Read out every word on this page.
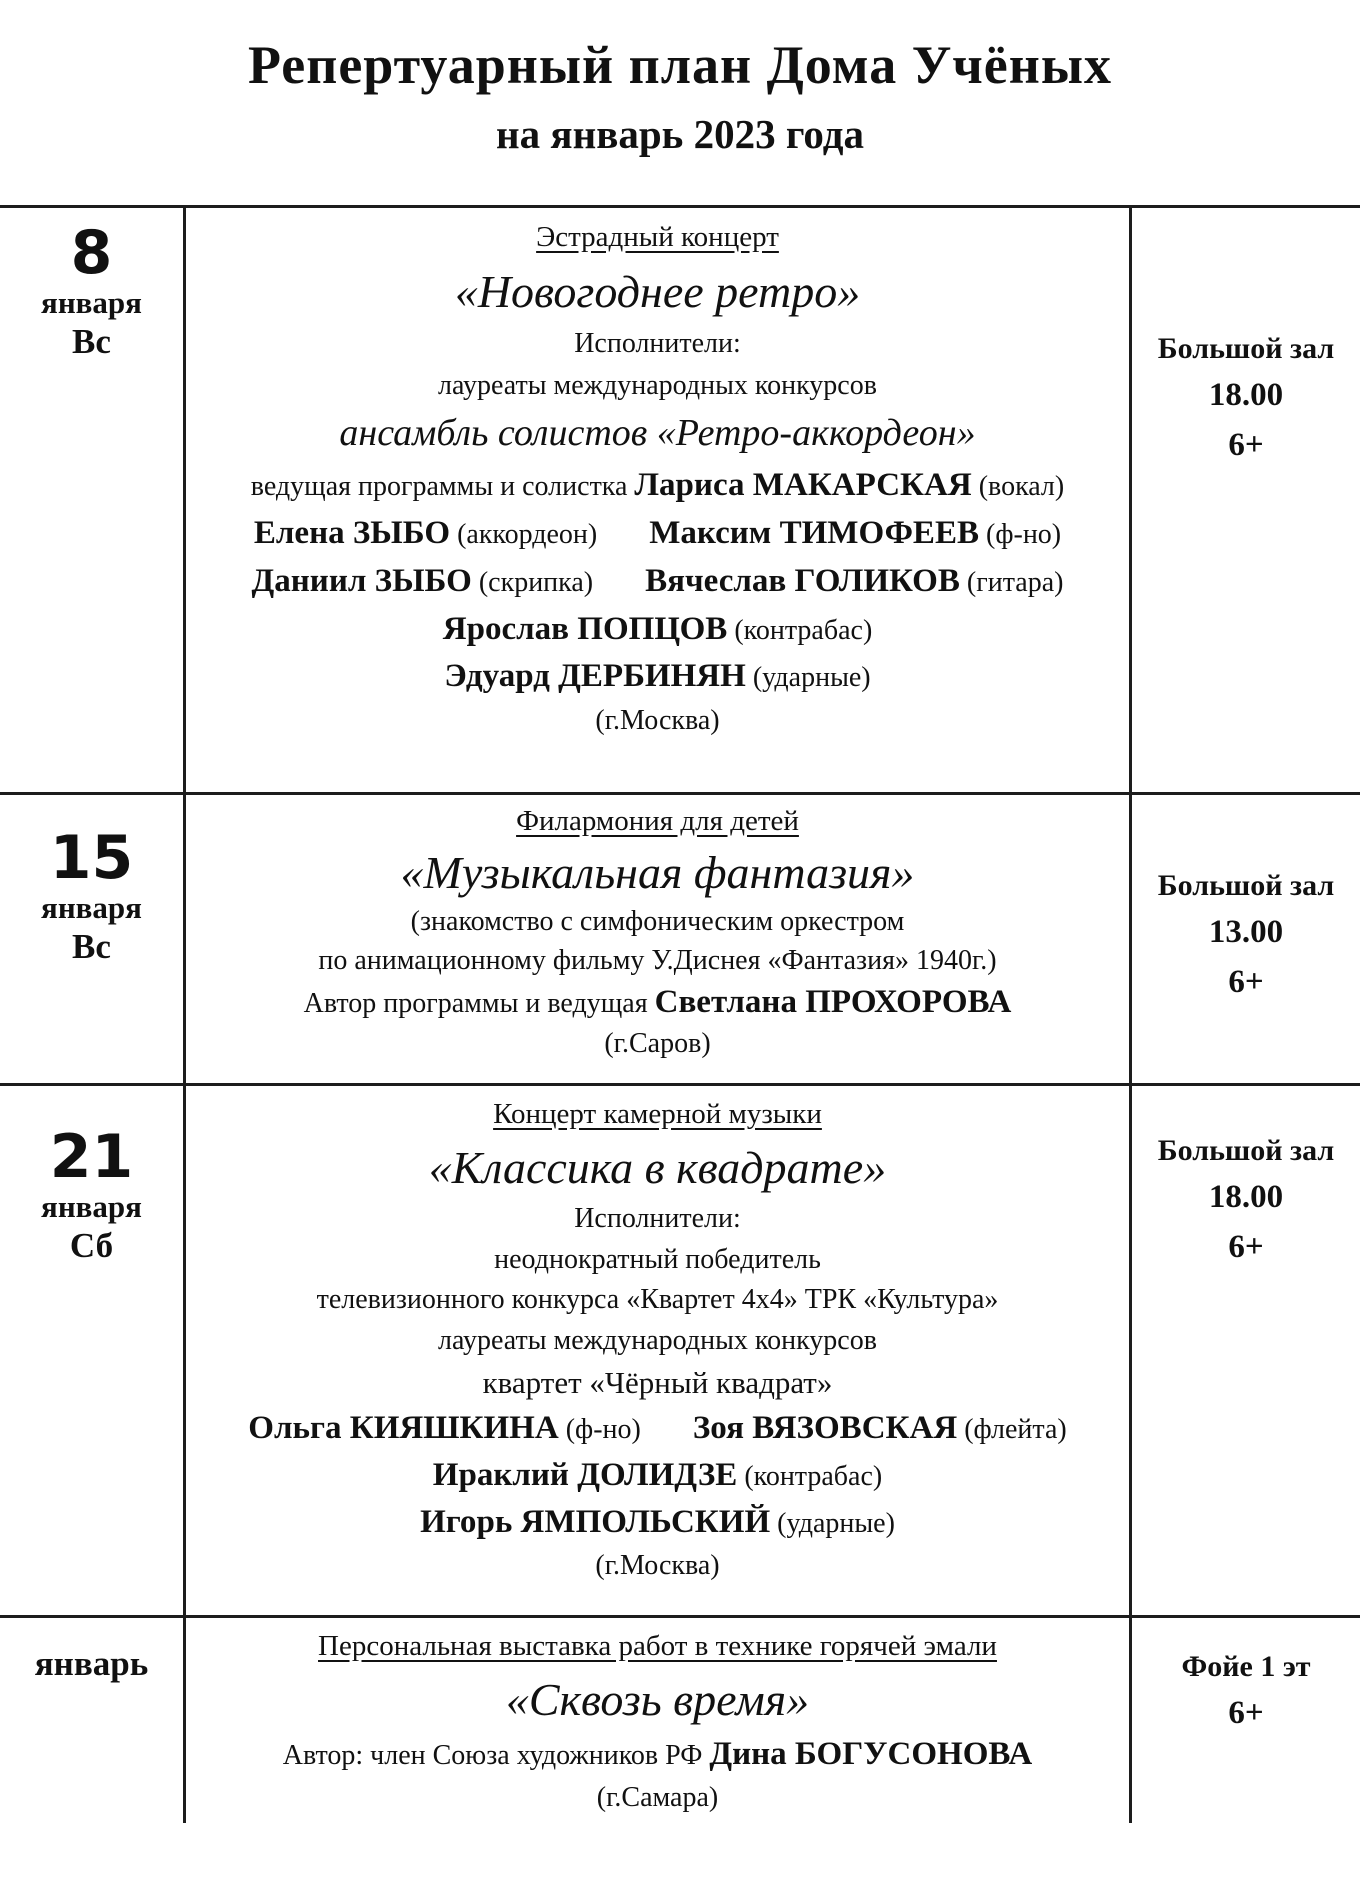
Репертуарный план Дома Учёных
на январь 2023 года
8
января
Вс
Эстрадный концерт
«Новогоднее ретро»
Исполнители:
лауреаты международных конкурсов
ансамбль солистов «Ретро-аккордеон»
ведущая программы и солистка Лариса МАКАРСКАЯ (вокал)
Елена ЗЫБО (аккордеон) Максим ТИМОФЕЕВ (ф-но)
Даниил ЗЫБО (скрипка) Вячеслав ГОЛИКОВ (гитара)
Ярослав ПОПЦОВ (контрабас)
Эдуард ДЕРБИНЯН (ударные)
(г.Москва)
Большой зал
18.00
6+
15
января
Вс
Филармония для детей
«Музыкальная фантазия»
(знакомство с симфоническим оркестром
по анимационному фильму У.Диснея «Фантазия» 1940г.)
Автор программы и ведущая Светлана ПРОХОРОВА
(г.Саров)
Большой зал
13.00
6+
21
января
Сб
Концерт камерной музыки
«Классика в квадрате»
Исполнители:
неоднократный победитель
телевизионного конкурса «Квартет 4х4» ТРК «Культура»
лауреаты международных конкурсов
квартет «Чёрный квадрат»
Ольга КИЯШКИНА (ф-но) Зоя ВЯЗОВСКАЯ (флейта)
Ираклий ДОЛИДЗЕ (контрабас)
Игорь ЯМПОЛЬСКИЙ (ударные)
(г.Москва)
Большой зал
18.00
6+
январь	Персональная выставка работ в технике горячей эмали
«Сквозь время»
Автор: член Союза художников РФ Дина БОГУСОНОВА
(г.Самара)
Фойе 1 эт
6+
